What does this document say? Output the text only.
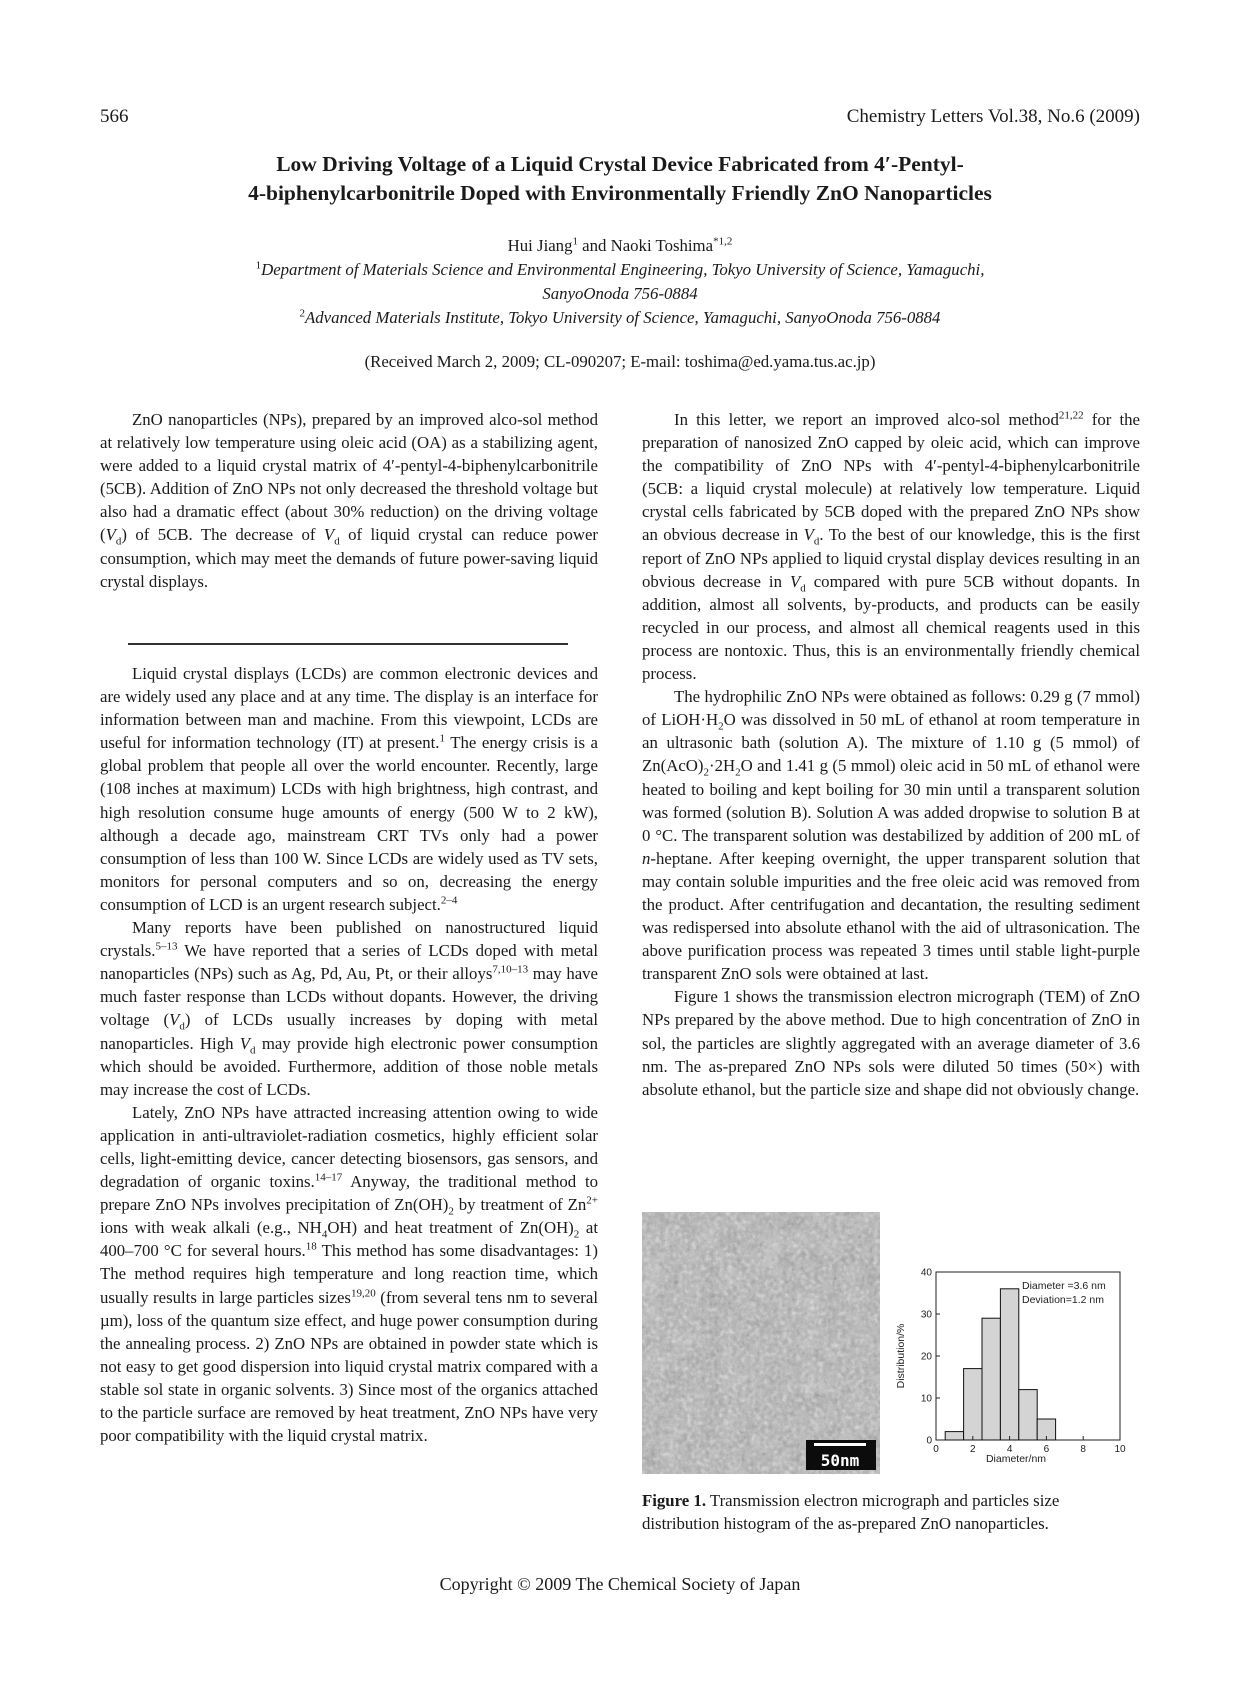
566	Chemistry Letters Vol.38, No.6 (2009)
Low Driving Voltage of a Liquid Crystal Device Fabricated from 4′-Pentyl-
4-biphenylcarbonitrile Doped with Environmentally Friendly ZnO Nanoparticles
Hui Jiang$^1$ and Naoki Toshima$^{*1,2}$
$^1$Department of Materials Science and Environmental Engineering, Tokyo University of Science, Yamaguchi,
SanyoOnoda 756-0884
$^2$Advanced Materials Institute, Tokyo University of Science, Yamaguchi, SanyoOnoda 756-0884
(Received March 2, 2009; CL-090207; E-mail: toshima@ed.yama.tus.ac.jp)
ZnO nanoparticles (NPs), prepared by an improved alco-sol method at relatively low temperature using oleic acid (OA) as a stabilizing agent, were added to a liquid crystal matrix of 4′-pentyl-4-biphenylcarbonitrile (5CB). Addition of ZnO NPs not only decreased the threshold voltage but also had a dramatic effect (about 30% reduction) on the driving voltage $(V_d)$ of 5CB. The decrease of $V_d$ of liquid crystal can reduce power consumption, which may meet the demands of future power-saving liquid crystal displays.
Liquid crystal displays (LCDs) are common electronic devices and are widely used any place and at any time. The display is an interface for information between man and machine. From this viewpoint, LCDs are useful for information technology (IT) at present.$^1$ The energy crisis is a global problem that people all over the world encounter. Recently, large (108 inches at maximum) LCDs with high brightness, high contrast, and high resolution consume huge amounts of energy (500 W to 2 kW), although a decade ago, mainstream CRT TVs only had a power consumption of less than 100 W. Since LCDs are widely used as TV sets, monitors for personal computers and so on, decreasing the energy consumption of LCD is an urgent research subject.$^{2-4}$
Many reports have been published on nanostructured liquid crystals.$^{5-13}$ We have reported that a series of LCDs doped with metal nanoparticles (NPs) such as Ag, Pd, Au, Pt, or their alloys$^{7,10-13}$ may have much faster response than LCDs without dopants. However, the driving voltage $(V_d)$ of LCDs usually increases by doping with metal nanoparticles. High $V_d$ may provide high electronic power consumption which should be avoided. Furthermore, addition of those noble metals may increase the cost of LCDs.
Lately, ZnO NPs have attracted increasing attention owing to wide application in anti-ultraviolet-radiation cosmetics, highly efficient solar cells, light-emitting device, cancer detecting biosensors, gas sensors, and degradation of organic toxins.$^{14-17}$ Anyway, the traditional method to prepare ZnO NPs involves precipitation of $Zn(OH)_2$ by treatment of $Zn^{2+}$ ions with weak alkali (e.g., $NH_4OH$) and heat treatment of $Zn(OH)_2$ at 400–700 °C for several hours.$^{18}$ This method has some disadvantages: 1) The method requires high temperature and long reaction time, which usually results in large particles sizes$^{19,20}$ (from several tens nm to several µm), loss of the quantum size effect, and huge power consumption during the annealing process. 2) ZnO NPs are obtained in powder state which is not easy to get good dispersion into liquid crystal matrix compared with a stable sol state in organic solvents. 3) Since most of the organics attached to the particle surface are removed by heat treatment, ZnO NPs have very poor compatibility with the liquid crystal matrix.
In this letter, we report an improved alco-sol method$^{21,22}$ for the preparation of nanosized ZnO capped by oleic acid, which can improve the compatibility of ZnO NPs with 4′-pentyl-4-biphenylcarbonitrile (5CB: a liquid crystal molecule) at relatively low temperature. Liquid crystal cells fabricated by 5CB doped with the prepared ZnO NPs show an obvious decrease in $V_d$. To the best of our knowledge, this is the first report of ZnO NPs applied to liquid crystal display devices resulting in an obvious decrease in $V_d$ compared with pure 5CB without dopants. In addition, almost all solvents, by-products, and products can be easily recycled in our process, and almost all chemical reagents used in this process are nontoxic. Thus, this is an environmentally friendly chemical process.
The hydrophilic ZnO NPs were obtained as follows: 0.29 g (7 mmol) of $LiOH\cdot H_2O$ was dissolved in 50 mL of ethanol at room temperature in an ultrasonic bath (solution A). The mixture of 1.10 g (5 mmol) of $Zn(AcO)_2\cdot 2H_2O$ and 1.41 g (5 mmol) oleic acid in 50 mL of ethanol were heated to boiling and kept boiling for 30 min until a transparent solution was formed (solution B). Solution A was added dropwise to solution B at 0 °C. The transparent solution was destabilized by addition of 200 mL of n-heptane. After keeping overnight, the upper transparent solution that may contain soluble impurities and the free oleic acid was removed from the product. After centrifugation and decantation, the resulting sediment was redispersed into absolute ethanol with the aid of ultrasonication. The above purification process was repeated 3 times until stable light-purple transparent ZnO sols were obtained at last.
Figure 1 shows the transmission electron micrograph (TEM) of ZnO NPs prepared by the above method. Due to high concentration of ZnO in sol, the particles are slightly aggregated with an average diameter of 3.6 nm. The as-prepared ZnO NPs sols were diluted 50 times (50×) with absolute ethanol, but the particle size and shape did not obviously change.
50nm
0	2	4	6	8	10
0
10
20
30
40
Diameter/nm
Distribution/%
Diameter =3.6 nm
Deviation=1.2 nm
Figure 1. Transmission electron micrograph and particles size distribution histogram of the as-prepared ZnO nanoparticles.
Copyright © 2009 The Chemical Society of Japan
